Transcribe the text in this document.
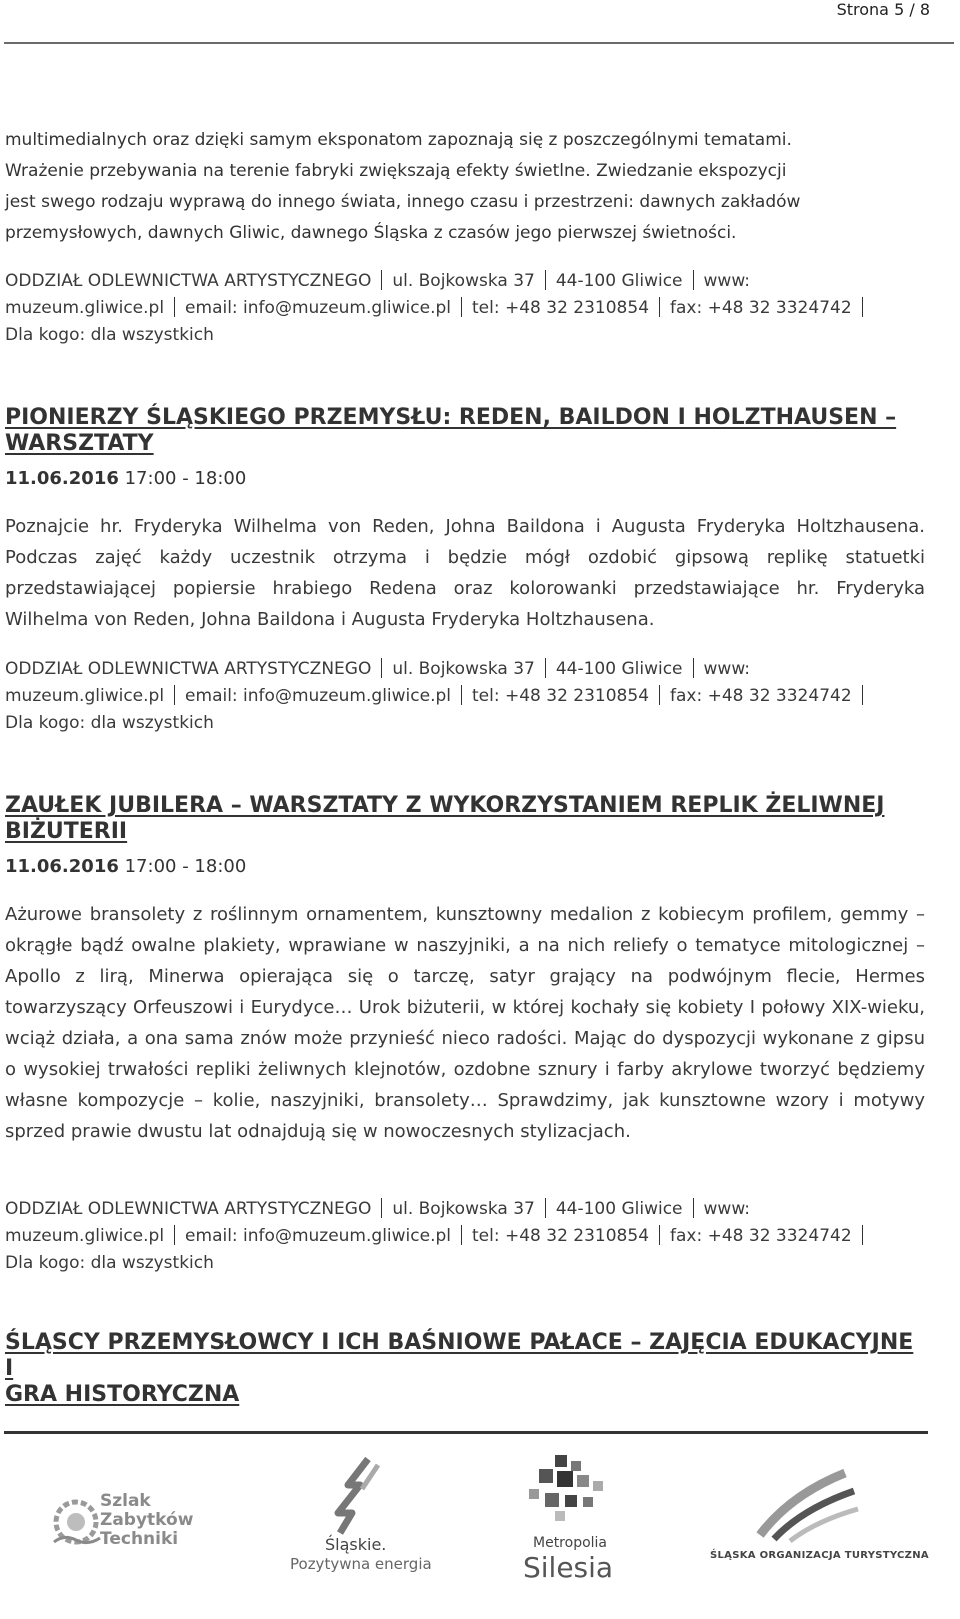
Strona 5 / 8

multimedialnych oraz dzięki samym eksponatom zapoznają się z poszczególnymi tematami.

Wrażenie przebywania na terenie fabryki zwiększają efekty świetlne. Zwiedzanie ekspozycji

jest swego rodzaju wyprawą do innego świata, innego czasu i przestrzeni: dawnych zakładów

przemysłowych, dawnych Gliwic, dawnego Śląska z czasów jego pierwszej świetności.

ODDZIAŁ ODLEWNICTWA ARTYSTYCZNEGO ul. Bojkowska 37 44-100 Gliwice www:
muzeum.gliwice.pl email: info@muzeum.gliwice.pl tel: +48 32 2310854 fax: +48 32 3324742
Dla kogo: dla wszystkich
PIONIERZY ŚLĄSKIEGO PRZEMYSŁU: REDEN, BAILDON I HOLZTHAUSEN –
WARSZTATY
11.06.2016 17:00 - 18:00

Poznajcie hr. Fryderyka Wilhelma von Reden, Johna Baildona i Augusta Fryderyka Holtzhausena. Podczas zajęć każdy uczestnik otrzyma i będzie mógł ozdobić gipsową replikę statuetki przedstawiającej popiersie hrabiego Redena oraz kolorowanki przedstawiające hr. Fryderyka Wilhelma von Reden, Johna Baildona i Augusta Fryderyka Holtzhausena.

ODDZIAŁ ODLEWNICTWA ARTYSTYCZNEGO ul. Bojkowska 37 44-100 Gliwice www:
muzeum.gliwice.pl email: info@muzeum.gliwice.pl tel: +48 32 2310854 fax: +48 32 3324742
Dla kogo: dla wszystkich
ZAUŁEK JUBILERA – WARSZTATY Z WYKORZYSTANIEM REPLIK ŻELIWNEJ
BIŻUTERII
11.06.2016 17:00 - 18:00

Ażurowe bransolety z roślinnym ornamentem, kunsztowny medalion z kobiecym profilem, gemmy – okrągłe bądź owalne plakiety, wprawiane w naszyjniki, a na nich reliefy o tematyce mitologicznej – Apollo z lirą, Minerwa opierająca się o tarczę, satyr grający na podwójnym flecie, Hermes towarzyszący Orfeuszowi i Eurydyce… Urok biżuterii, w której kochały się kobiety I połowy XIX-wieku, wciąż działa, a ona sama znów może przynieść nieco radości. Mając do dyspozycji wykonane z gipsu o wysokiej trwałości repliki żeliwnych klejnotów, ozdobne sznury i farby akrylowe tworzyć będziemy własne kompozycje – kolie, naszyjniki, bransolety… Sprawdzimy, jak kunsztowne wzory i motywy sprzed prawie dwustu lat odnajdują się w nowoczesnych stylizacjach.

ODDZIAŁ ODLEWNICTWA ARTYSTYCZNEGO ul. Bojkowska 37 44-100 Gliwice www:
muzeum.gliwice.pl email: info@muzeum.gliwice.pl tel: +48 32 2310854 fax: +48 32 3324742
Dla kogo: dla wszystkich
ŚLĄSCY PRZEMYSŁOWCY I ICH BAŚNIOWE PAŁACE – ZAJĘCIA EDUKACYJNE I
GRA HISTORYCZNA
Szlak
Zabytków
Techniki	Śląskie.
Pozytywna energia
Metropolia
Silesia	ŚLĄSKA ORGANIZACJA TURYSTYCZNA
